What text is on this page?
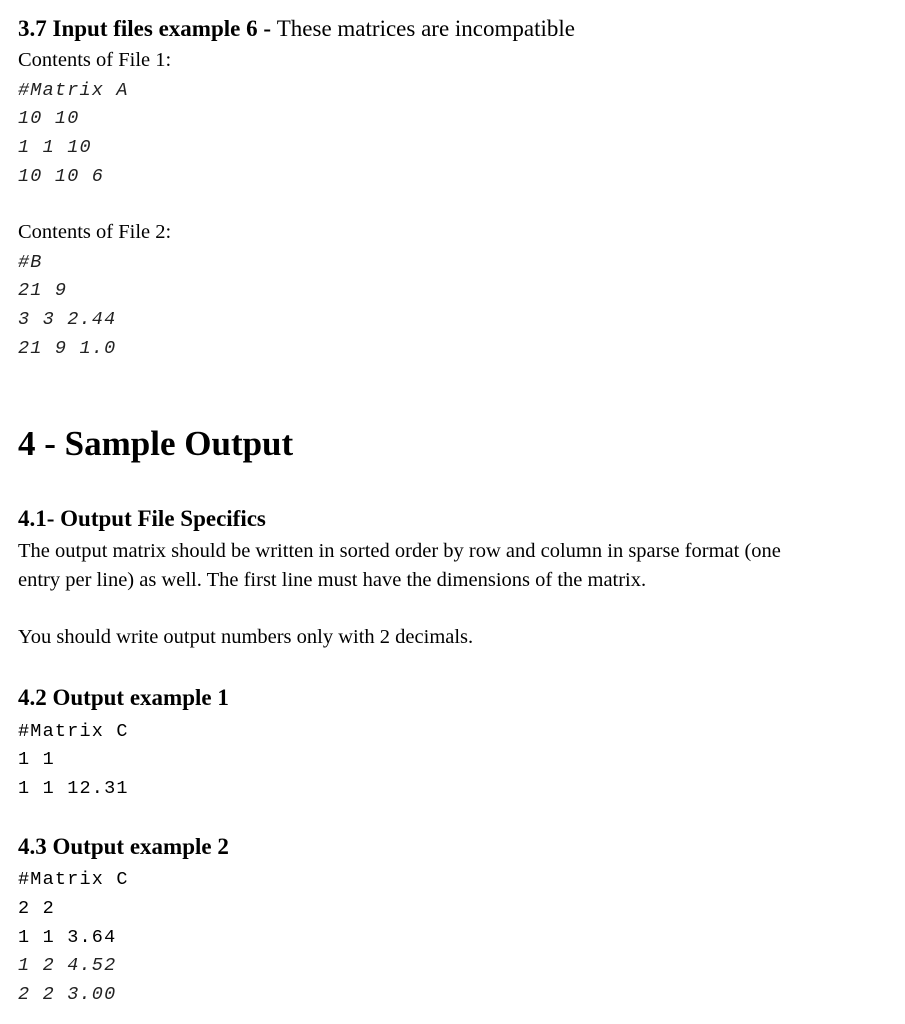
3.7 Input files example 6 - These matrices are incompatible
Contents of File 1:
#Matrix A
10 10
1 1 10
10 10 6
Contents of File 2:
#B
21 9
3 3 2.44
21 9 1.0
4 - Sample Output
4.1- Output File Specifics
The output matrix should be written in sorted order by row and column in sparse format (one
entry per line) as well. The first line must have the dimensions of the matrix.
You should write output numbers only with 2 decimals.
4.2 Output example 1
#Matrix C
1 1
1 1 12.31
4.3 Output example 2
#Matrix C
2 2
1 1 3.64
1 2 4.52
2 2 3.00
